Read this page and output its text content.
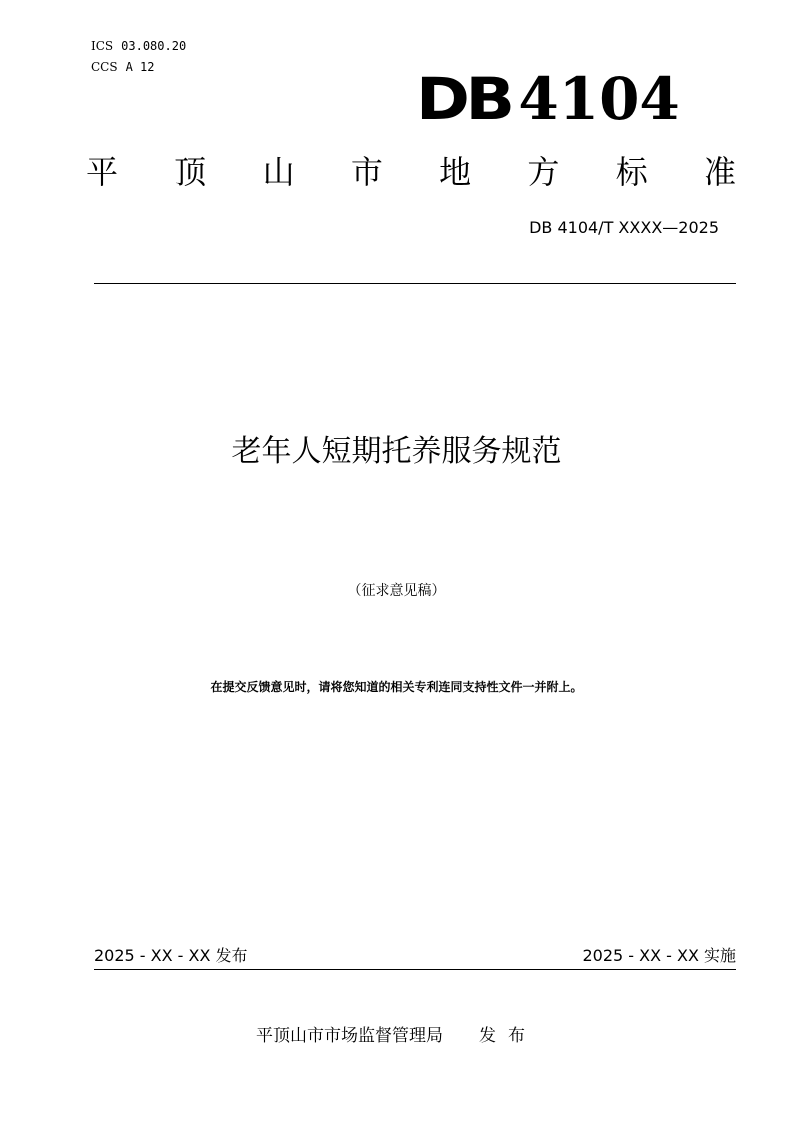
ICS 03.080.20
CCS A 12	DB 4104
平 顶 山 市 地 方 标 准
DB 4104/T XXXX—2025
老年人短期托养服务规范
（征求意见稿）
在提交反馈意见时，请将您知道的相关专利连同支持性文件一并附上。
2025 - XX - XX 发布	2025 - XX - XX 实施
平顶山市市场监督管理局 发布
